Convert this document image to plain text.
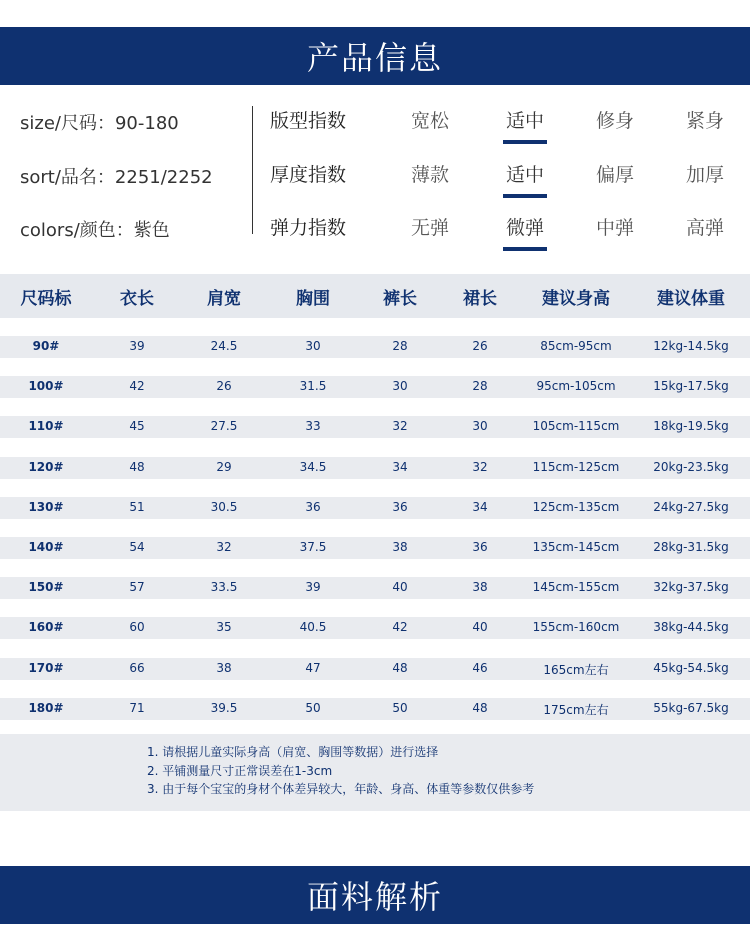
产品信息
size/尺码：90-180
sort/品名：2251/2252
colors/颜色：紫色
版型指数	宽松	适中	修身	紧身
厚度指数	薄款	适中	偏厚	加厚
弹力指数	无弹	微弹	中弹	高弹
尺码标	衣长	肩宽	胸围	裤长	裙长	建议身高	建议体重
90#	39	24.5	30	28	26	85cm-95cm	12kg-14.5kg
100#	42	26	31.5	30	28	95cm-105cm	15kg-17.5kg
110#	45	27.5	33	32	30	105cm-115cm	18kg-19.5kg
120#	48	29	34.5	34	32	115cm-125cm	20kg-23.5kg
130#	51	30.5	36	36	34	125cm-135cm	24kg-27.5kg
140#	54	32	37.5	38	36	135cm-145cm	28kg-31.5kg
150#	57	33.5	39	40	38	145cm-155cm	32kg-37.5kg
160#	60	35	40.5	42	40	155cm-160cm	38kg-44.5kg
170#	66	38	47	48	46	165cm左右	45kg-54.5kg
180#	71	39.5	50	50	48	175cm左右	55kg-67.5kg
1. 请根据儿童实际身高（肩宽、胸围等数据）进行选择
2. 平铺测量尺寸正常误差在1-3cm
3. 由于每个宝宝的身材个体差异较大，年龄、身高、体重等参数仅供参考
面料解析
